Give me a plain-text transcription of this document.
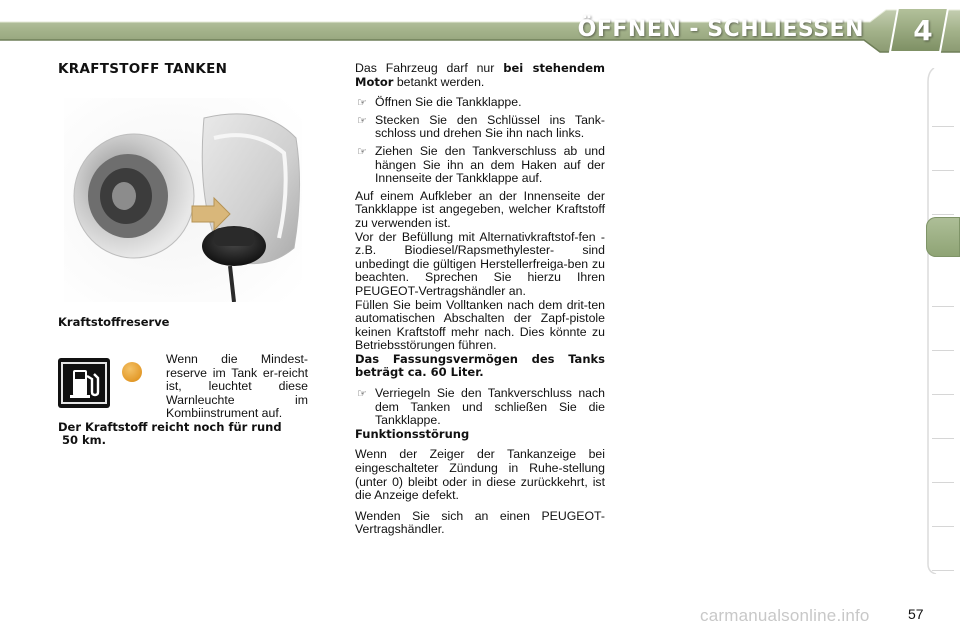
ÖFFNEN - SCHLIESSEN	4
KRAFTSTOFF TANKEN
Kraftstoffreserve
Wenn die Mindest-reserve im Tank er-reicht ist, leuchtet diese Warnleuchte im Kombiinstrument auf.
Der Kraftstoff reicht noch für rund
50 km.

Das Fahrzeug darf nur bei stehendem Motor betankt werden.

☞ Öffnen Sie die Tankklappe.

☞ Stecken Sie den Schlüssel ins Tank-schloss und drehen Sie ihn nach links.

☞ Ziehen Sie den Tankverschluss ab und hängen Sie ihn an dem Haken auf der Innenseite der Tankklappe auf.

Auf einem Aufkleber an der Innenseite der Tankklappe ist angegeben, welcher Kraftstoff zu verwenden ist.

Vor der Befüllung mit Alternativkraftstof-fen -z.B. Biodiesel/Rapsmethylester- sind unbedingt die gültigen Herstellerfreiga-ben zu beachten. Sprechen Sie hierzu Ihren PEUGEOT-Vertragshändler an.

Füllen Sie beim Volltanken nach dem drit-ten automatischen Abschalten der Zapf-pistole keinen Kraftstoff mehr nach. Dies könnte zu Betriebsstörungen führen.

Das Fassungsvermögen des Tanks beträgt ca. 60 Liter.

☞ Verriegeln Sie den Tankverschluss nach dem Tanken und schließen Sie die Tankklappe.

Funktionsstörung

Wenn der Zeiger der Tankanzeige bei eingeschalteter Zündung in Ruhe-stellung (unter 0) bleibt oder in diese zurückkehrt, ist die Anzeige defekt.

Wenden Sie sich an einen PEUGEOT-Vertragshändler.

carmanualsonline.info	57
